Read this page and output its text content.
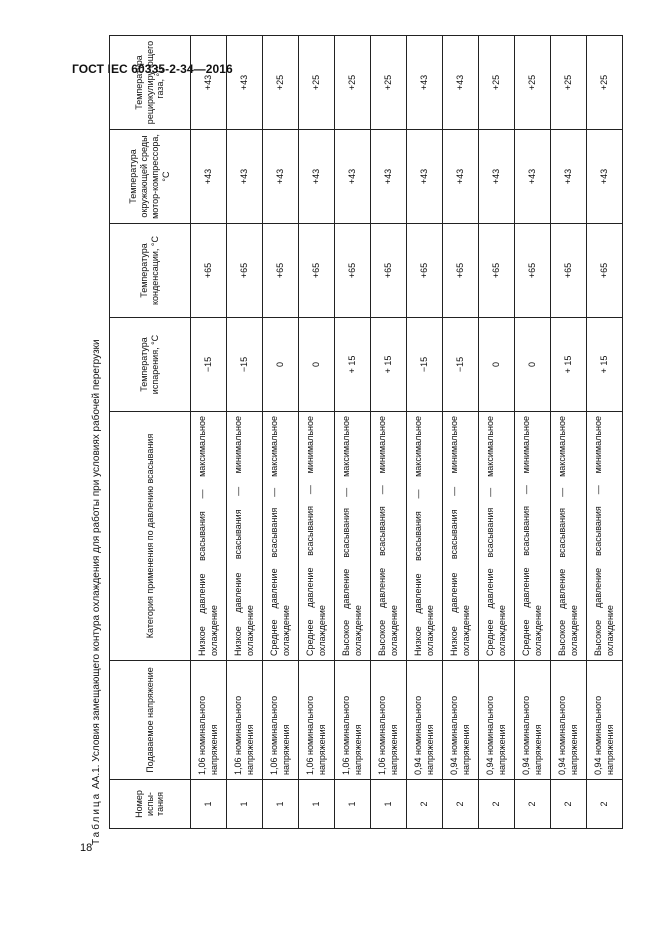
ГОСТ IEC 60335-2-34—2016
Таблица AA.1. Условия замещающего контура охлаждения для работы при условиях рабочей перегрузки
Номер испы-тания	Подаваемое напряжение	Категория применения по давлению всасывания	Температура испарения, °C	Температура конденсации, °C	Температура окружающей среды мотор-компрессора, °C	Температура рециркулиру-ющего газа, °C
1	1,06 номинального напряжения	Низкое давление всасывания — максимальное охлаждение	−15	+65	+43	+43
1	1,06 номинального напряжения	Низкое давление всасывания — минимальное охлаждение	−15	+65	+43	+43
1	1,06 номинального напряжения	Среднее давление всасывания — максимальное охлаждение	0	+65	+43	+25
1	1,06 номинального напряжения	Среднее давление всасывания — минимальное охлаждение	0	+65	+43	+25
1	1,06 номинального напряжения	Высокое давление всасывания — максимальное охлаждение	+ 15	+65	+43	+25
1	1,06 номинального напряжения	Высокое давление всасывания — минимальное охлаждение	+ 15	+65	+43	+25
2	0,94 номинального напряжения	Низкое давление всасывания — максимальное охлаждение	−15	+65	+43	+43
2	0,94 номинального напряжения	Низкое давление всасывания — минимальное охлаждение	−15	+65	+43	+43
2	0,94 номинального напряжения	Среднее давление всасывания — максимальное охлаждение	0	+65	+43	+25
2	0,94 номинального напряжения	Среднее давление всасывания — минимальное охлаждение	0	+65	+43	+25
2	0,94 номинального напряжения	Высокое давление всасывания — максимальное охлаждение	+ 15	+65	+43	+25
2	0,94 номинального напряжения	Высокое давление всасывания — минимальное охлаждение	+ 15	+65	+43	+25
18
